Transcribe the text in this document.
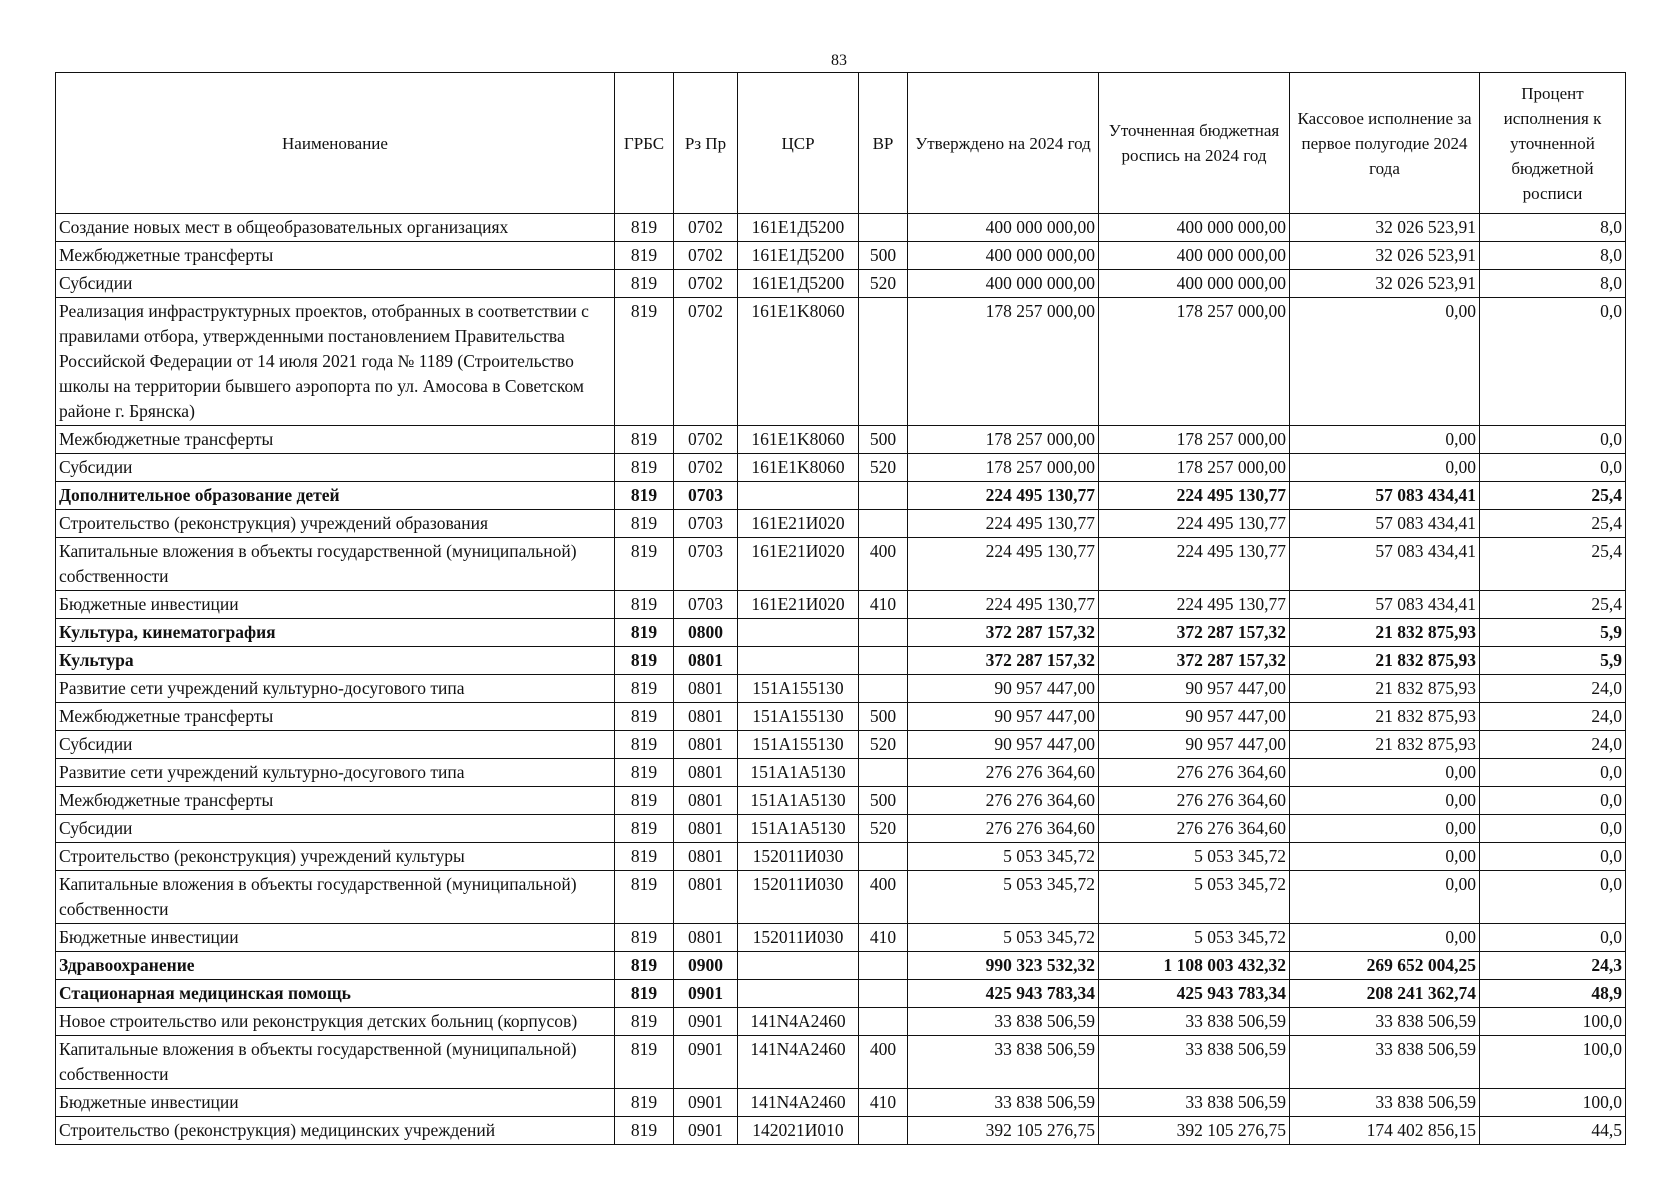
83
Наименование	ГРБС	Рз Пр	ЦСР	ВР	Утверждено на 2024 год	Уточненная бюджетная роспись на 2024 год	Кассовое исполнение за первое полугодие 2024 года	Процент исполнения к уточненной бюджетной росписи
Создание новых мест в общеобразовательных организациях	819	0702	161E1Д5200		400 000 000,00	400 000 000,00	32 026 523,91	8,0
Межбюджетные трансферты	819	0702	161E1Д5200	500	400 000 000,00	400 000 000,00	32 026 523,91	8,0
Субсидии	819	0702	161E1Д5200	520	400 000 000,00	400 000 000,00	32 026 523,91	8,0
Реализация инфраструктурных проектов, отобранных в соответствии с правилами отбора, утвержденными постановлением Правительства Российской Федерации от 14 июля 2021 года № 1189 (Строительство школы на территории бывшего аэропорта по ул. Амосова в Советском районе г. Брянска)	819	0702	161E1K8060		178 257 000,00	178 257 000,00	0,00	0,0
Межбюджетные трансферты	819	0702	161E1K8060	500	178 257 000,00	178 257 000,00	0,00	0,0
Субсидии	819	0702	161E1K8060	520	178 257 000,00	178 257 000,00	0,00	0,0
Дополнительное образование детей	819	0703			224 495 130,77	224 495 130,77	57 083 434,41	25,4
Строительство (реконструкция) учреждений образования	819	0703	161E21И020		224 495 130,77	224 495 130,77	57 083 434,41	25,4
Капитальные вложения в объекты государственной (муниципальной) собственности	819	0703	161E21И020	400	224 495 130,77	224 495 130,77	57 083 434,41	25,4
Бюджетные инвестиции	819	0703	161E21И020	410	224 495 130,77	224 495 130,77	57 083 434,41	25,4
Культура, кинематография	819	0800			372 287 157,32	372 287 157,32	21 832 875,93	5,9
Культура	819	0801			372 287 157,32	372 287 157,32	21 832 875,93	5,9
Развитие сети учреждений культурно-досугового типа	819	0801	151A155130		90 957 447,00	90 957 447,00	21 832 875,93	24,0
Межбюджетные трансферты	819	0801	151A155130	500	90 957 447,00	90 957 447,00	21 832 875,93	24,0
Субсидии	819	0801	151A155130	520	90 957 447,00	90 957 447,00	21 832 875,93	24,0
Развитие сети учреждений культурно-досугового типа	819	0801	151A1A5130		276 276 364,60	276 276 364,60	0,00	0,0
Межбюджетные трансферты	819	0801	151A1A5130	500	276 276 364,60	276 276 364,60	0,00	0,0
Субсидии	819	0801	151A1A5130	520	276 276 364,60	276 276 364,60	0,00	0,0
Строительство (реконструкция) учреждений культуры	819	0801	152011И030		5 053 345,72	5 053 345,72	0,00	0,0
Капитальные вложения в объекты государственной (муниципальной) собственности	819	0801	152011И030	400	5 053 345,72	5 053 345,72	0,00	0,0
Бюджетные инвестиции	819	0801	152011И030	410	5 053 345,72	5 053 345,72	0,00	0,0
Здравоохранение	819	0900			990 323 532,32	1 108 003 432,32	269 652 004,25	24,3
Стационарная медицинская помощь	819	0901			425 943 783,34	425 943 783,34	208 241 362,74	48,9
Новое строительство или реконструкция детских больниц (корпусов)	819	0901	141N4A2460		33 838 506,59	33 838 506,59	33 838 506,59	100,0
Капитальные вложения в объекты государственной (муниципальной) собственности	819	0901	141N4A2460	400	33 838 506,59	33 838 506,59	33 838 506,59	100,0
Бюджетные инвестиции	819	0901	141N4A2460	410	33 838 506,59	33 838 506,59	33 838 506,59	100,0
Строительство (реконструкция) медицинских учреждений	819	0901	142021И010		392 105 276,75	392 105 276,75	174 402 856,15	44,5
